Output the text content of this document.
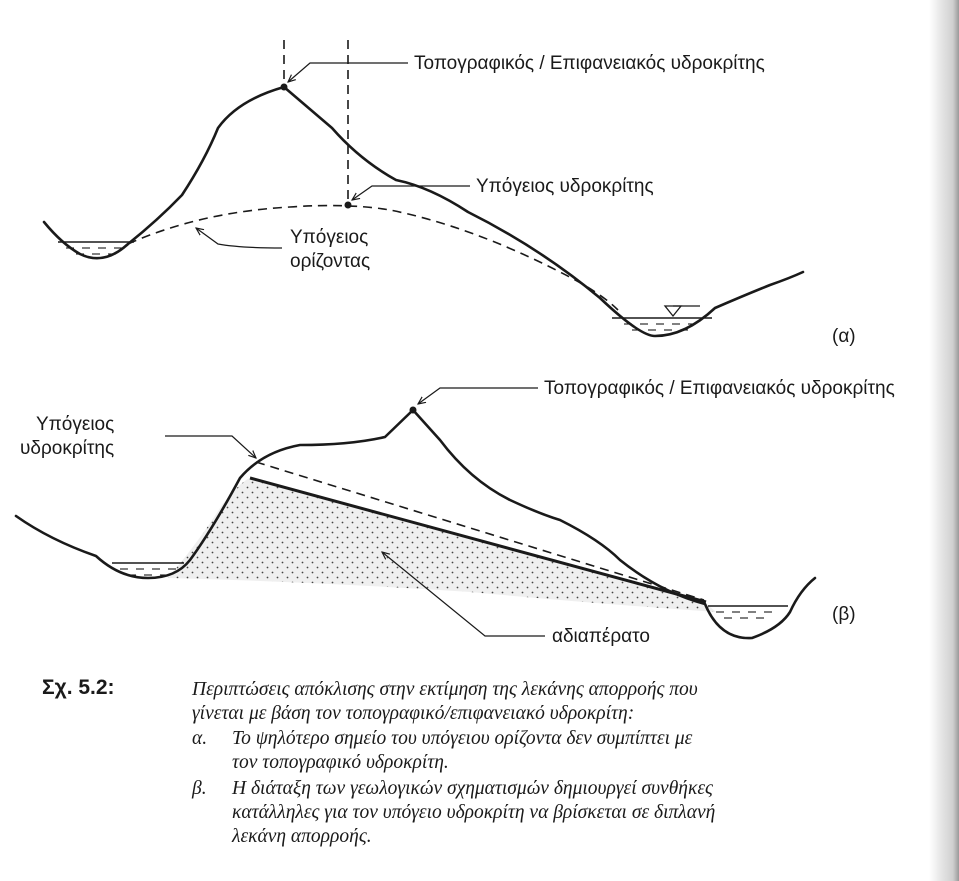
Τοπογραφικός / Επιφανειακός υδροκρίτης
Υπόγειος υδροκρίτης
Υπόγειος
ορίζοντας
(α)
Τοπογραφικός / Επιφανειακός υδροκρίτης
Υπόγειος
υδροκρίτης
αδιαπέρατο
(β)
Σχ. 5.2:	Περιπτώσεις απόκλισης στην εκτίμηση της λεκάνης απορροής που
γίνεται με βάση τον τοπογραφικό/επιφανειακό υδροκρίτη:
α. Το ψηλότερο σημείο του υπόγειου ορίζοντα δεν συμπίπτει με
τον τοπογραφικό υδροκρίτη.
β. Η διάταξη των γεωλογικών σχηματισμών δημιουργεί συνθήκες
κατάλληλες για τον υπόγειο υδροκρίτη να βρίσκεται σε διπλανή
λεκάνη απορροής.
